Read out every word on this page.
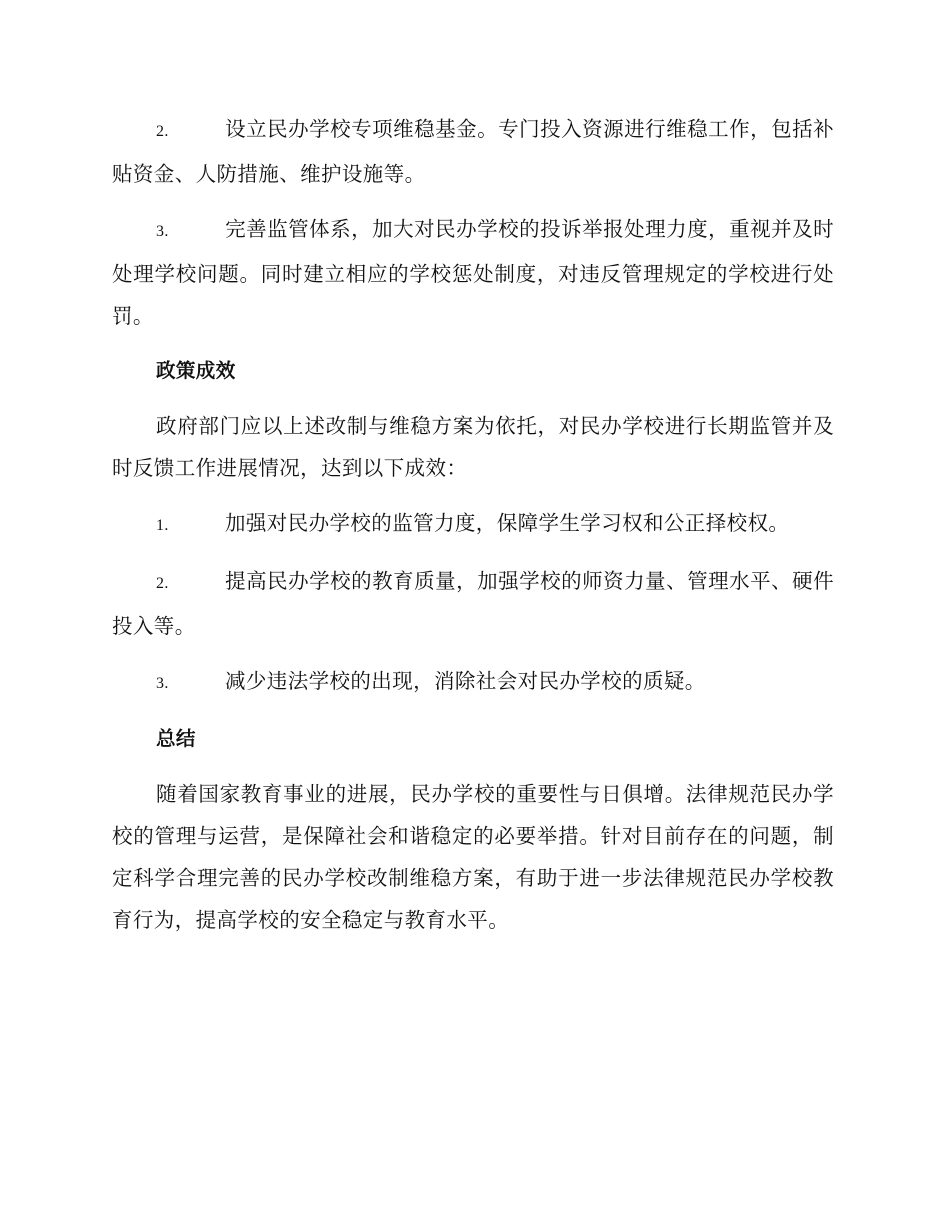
2.	设立民办学校专项维稳基金。专门投入资源进行维稳工作，包括补贴资金、人防措施、维护设施等。

3.	完善监管体系，加大对民办学校的投诉举报处理力度，重视并及时处理学校问题。同时建立相应的学校惩处制度，对违反管理规定的学校进行处罚。

政策成效

政府部门应以上述改制与维稳方案为依托，对民办学校进行长期监管并及时反馈工作进展情况，达到以下成效：

1.	加强对民办学校的监管力度，保障学生学习权和公正择校权。

2.	提高民办学校的教育质量，加强学校的师资力量、管理水平、硬件投入等。

3.	减少违法学校的出现，消除社会对民办学校的质疑。

总结

随着国家教育事业的进展，民办学校的重要性与日俱增。法律规范民办学校的管理与运营，是保障社会和谐稳定的必要举措。针对目前存在的问题，制定科学合理完善的民办学校改制维稳方案，有助于进一步法律规范民办学校教育行为，提高学校的安全稳定与教育水平。
